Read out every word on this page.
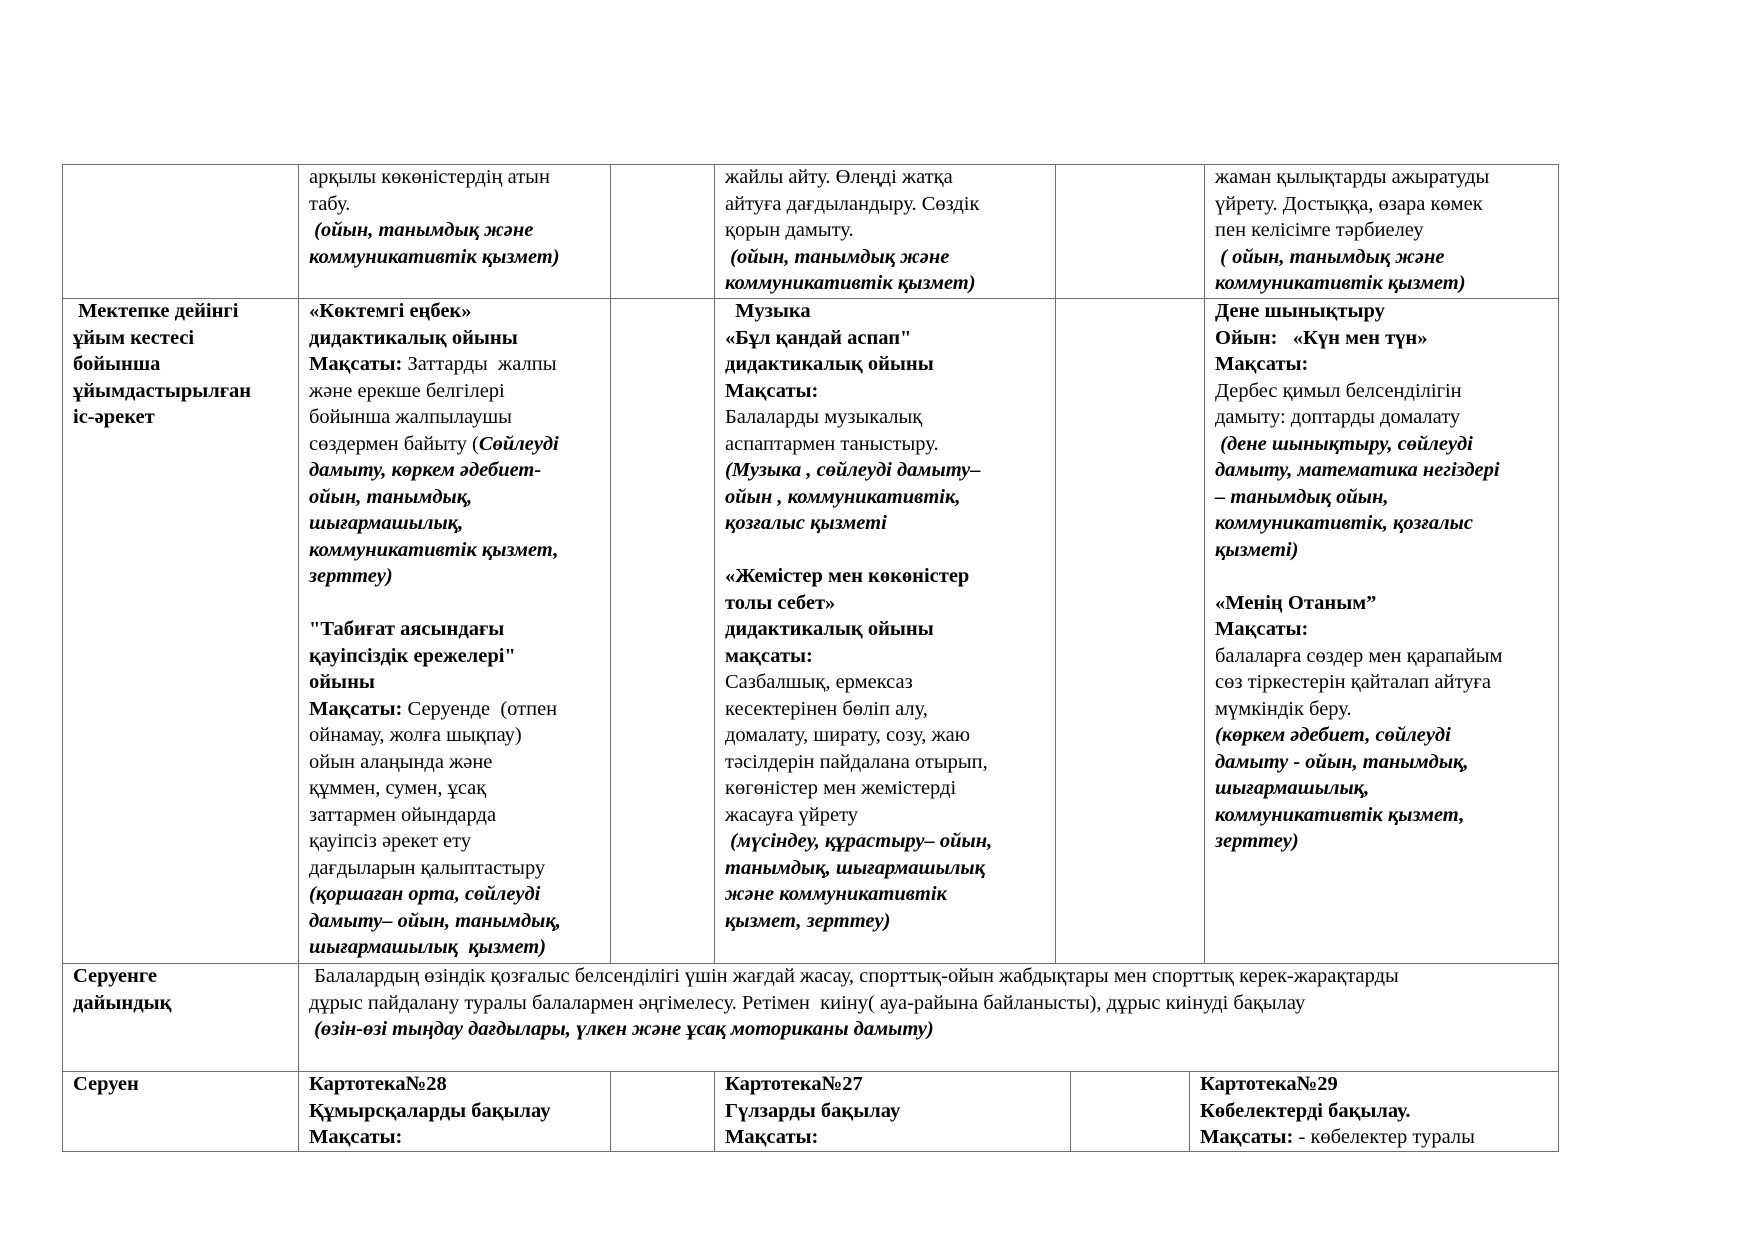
арқылы көкөністердің атын
табу.
(ойын, танымдық және
коммуникативтік қызмет)
жайлы айту. Өлеңді жатқа
айтуға дағдыландыру. Сөздік
қорын дамыту.
(ойын, танымдық және
коммуникативтік қызмет)
жаман қылықтарды ажыратуды
үйрету. Достыққа, өзара көмек
пен келісімге тәрбиелеу
( ойын, танымдық және
коммуникативтік қызмет)
Мектепке дейінгі
ұйым кестесі
бойынша
ұйымдастырылған
іс-әрекет
«Көктемгі еңбек»
дидактикалық ойыны
Мақсаты: Заттарды  жалпы
және ерекше белгілері
бойынша жалпылаушы
сөздермен байыту (Сөйлеуді
дамыту, көркем әдебиет-
ойын, танымдық,
шығармашылық,
коммуникативтік қызмет,
зерттеу)
"Табиғат аясындағы
қауіпсіздік ережелері"
ойыны
Мақсаты: Серуенде  (отпен
ойнамау, жолға шықпау)
ойын алаңында және
құммен, сумен, ұсақ
заттармен ойындарда
қауіпсіз әрекет ету
дағдыларын қалыптастыру
(қоршаған орта, сөйлеуді
дамыту– ойын, танымдық,
шығармашылық  қызмет)
Музыка
«Бұл қандай аспап"
дидактикалық ойыны
Мақсаты:
Балаларды музыкалық
аспаптармен таныстыру.
(Музыка , сөйлеуді дамыту–
ойын , коммуникативтік,
қозғалыс қызметі
«Жемістер мен көкөністер
толы себет»
дидактикалық ойыны
мақсаты:
Сазбалшық, ермексаз
кесектерінен бөліп алу,
домалату, ширату, созу, жаю
тәсілдерін пайдалана отырып,
көгөністер мен жемістерді
жасауға үйрету
(мүсіндеу, құрастыру– ойын,
танымдық, шығармашылық
және коммуникативтік
қызмет, зерттеу)
Дене шынықтыру
Ойын:   «Күн мен түн»
Мақсаты:
Дербес қимыл белсенділігін
дамыту: доптарды домалату
(дене шынықтыру, сөйлеуді
дамыту, математика негіздері
– танымдық ойын,
коммуникативтік, қозғалыс
қызметі)
«Менің Отаным”
Мақсаты:
балаларға сөздер мен қарапайым
сөз тіркестерін қайталап айтуға
мүмкіндік беру.
(көркем әдебиет, сөйлеуді
дамыту - ойын, танымдық,
шығармашылық,
коммуникативтік қызмет,
зерттеу)
Серуенге
дайындық
Балалардың өзіндік қозғалыс белсенділігі үшін жағдай жасау, спорттық-ойын жабдықтары мен спорттық керек-жарақтарды
дұрыс пайдалану туралы балалармен әңгімелесу. Ретімен  киіну( ауа-райына байланысты), дұрыс киінуді бақылау
(өзін-өзі тыңдау дағдылары, үлкен және ұсақ моториканы дамыту)
Серуен	Картотека№28
Құмырсқаларды бақылау
Мақсаты:
Картотека№27
Гүлзарды бақылау
Мақсаты:
Картотека№29
Көбелектерді бақылау.
Мақсаты: - көбелектер туралы
